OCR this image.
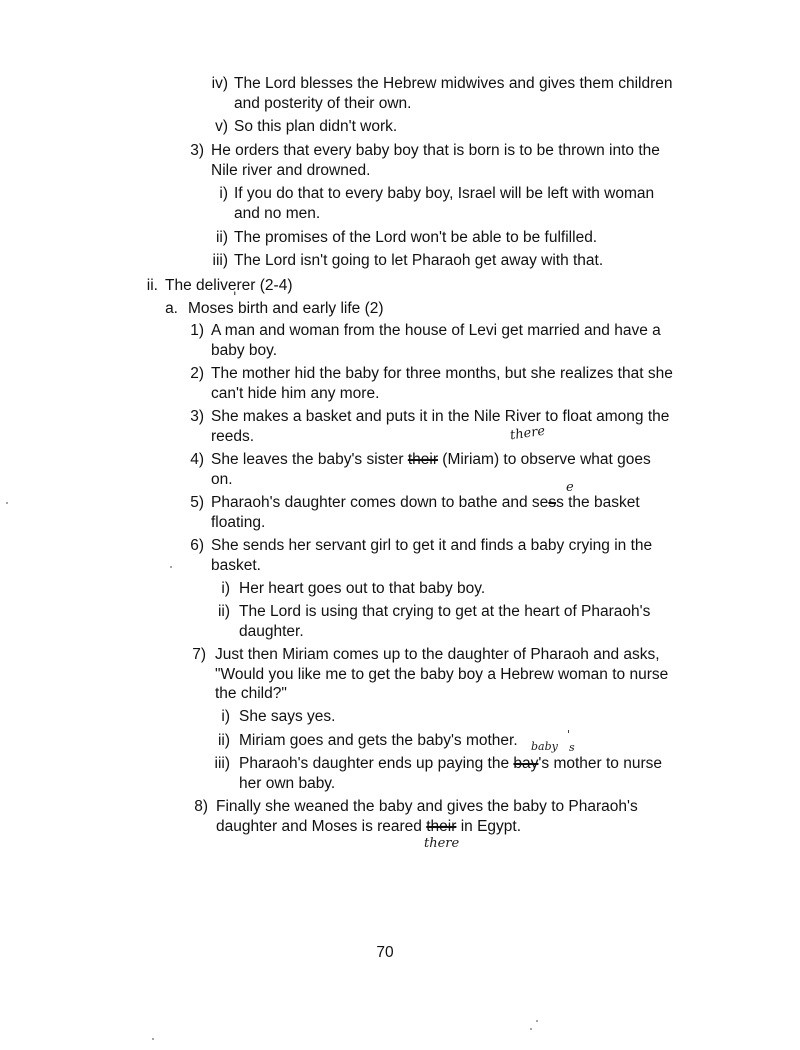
iv) The Lord blesses the Hebrew midwives and gives them children
and posterity of their own.
v) So this plan didn't work.
3) He orders that every baby boy that is born is to be thrown into the
Nile river and drowned.
i) If you do that to every baby boy, Israel will be left with woman
and no men.
ii) The promises of the Lord won't be able to be fulfilled.
iii) The Lord isn't going to let Pharaoh get away with that.
ii. The deliverer (2-4)
a. Moses birth and early life (2)
'
1) A man and woman from the house of Levi get married and have a
baby boy.
2) The mother hid the baby for three months, but she realizes that she
can't hide him any more.
3) She makes a basket and puts it in the Nile River to float among the
reeds.	there
4) She leaves the baby's sister their (Miriam) to observe what goes
on.	e
5) Pharaoh's daughter comes down to bathe and sess the basket
floating.
6) She sends her servant girl to get it and finds a baby crying in the
basket.
i) Her heart goes out to that baby boy.
ii) The Lord is using that crying to get at the heart of Pharaoh's
daughter.
7) Just then Miriam comes up to the daughter of Pharaoh and asks,
"Would you like me to get the baby boy a Hebrew woman to nurse
the child?"
i) She says yes.
ii) Miriam goes and gets the baby's mother. baby
'
s
iii) Pharaoh's daughter ends up paying the bay's mother to nurse
her own baby.
8) Finally she weaned the baby and gives the baby to Pharaoh's
daughter and Moses is reared their in Egypt.
there
70
